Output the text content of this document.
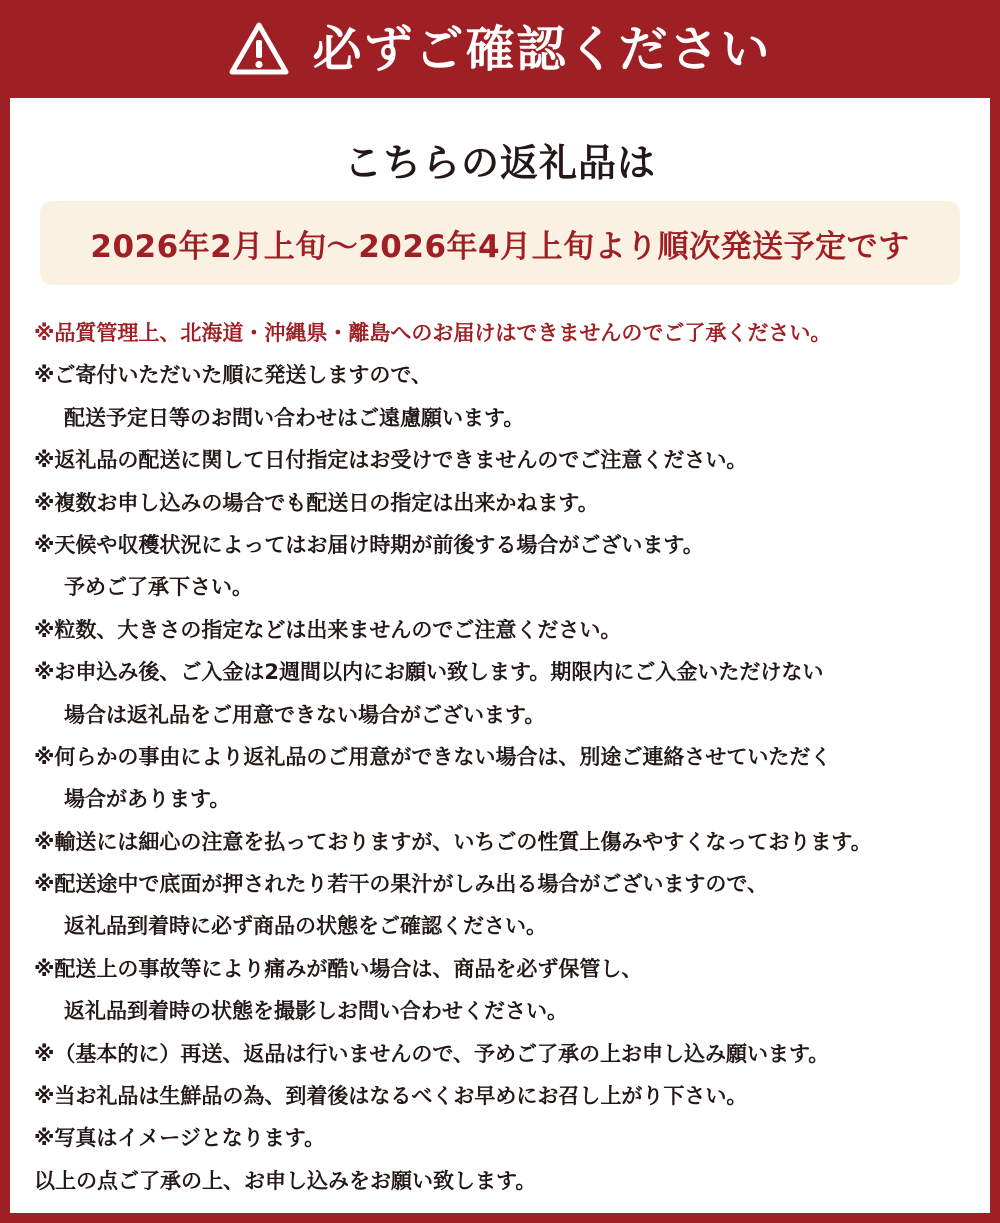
必ずご確認ください
こちらの返礼品は
2026年2月上旬～2026年4月上旬より順次発送予定です
※品質管理上、北海道・沖縄県・離島へのお届けはできませんのでご了承ください。
※ご寄付いただいた順に発送しますので、
配送予定日等のお問い合わせはご遠慮願います。
※返礼品の配送に関して日付指定はお受けできませんのでご注意ください。
※複数お申し込みの場合でも配送日の指定は出来かねます。
※天候や収穫状況によってはお届け時期が前後する場合がございます。
予めご了承下さい。
※粒数、大きさの指定などは出来ませんのでご注意ください。
※お申込み後、ご入金は2週間以内にお願い致します。期限内にご入金いただけない
場合は返礼品をご用意できない場合がございます。
※何らかの事由により返礼品のご用意ができない場合は、別途ご連絡させていただく
場合があります。
※輸送には細心の注意を払っておりますが、いちごの性質上傷みやすくなっております。
※配送途中で底面が押されたり若干の果汁がしみ出る場合がございますので、
返礼品到着時に必ず商品の状態をご確認ください。
※配送上の事故等により痛みが酷い場合は、商品を必ず保管し、
返礼品到着時の状態を撮影しお問い合わせください。
※（基本的に）再送、返品は行いませんので、予めご了承の上お申し込み願います。
※当お礼品は生鮮品の為、到着後はなるべくお早めにお召し上がり下さい。
※写真はイメージとなります。
以上の点ご了承の上、お申し込みをお願い致します。
